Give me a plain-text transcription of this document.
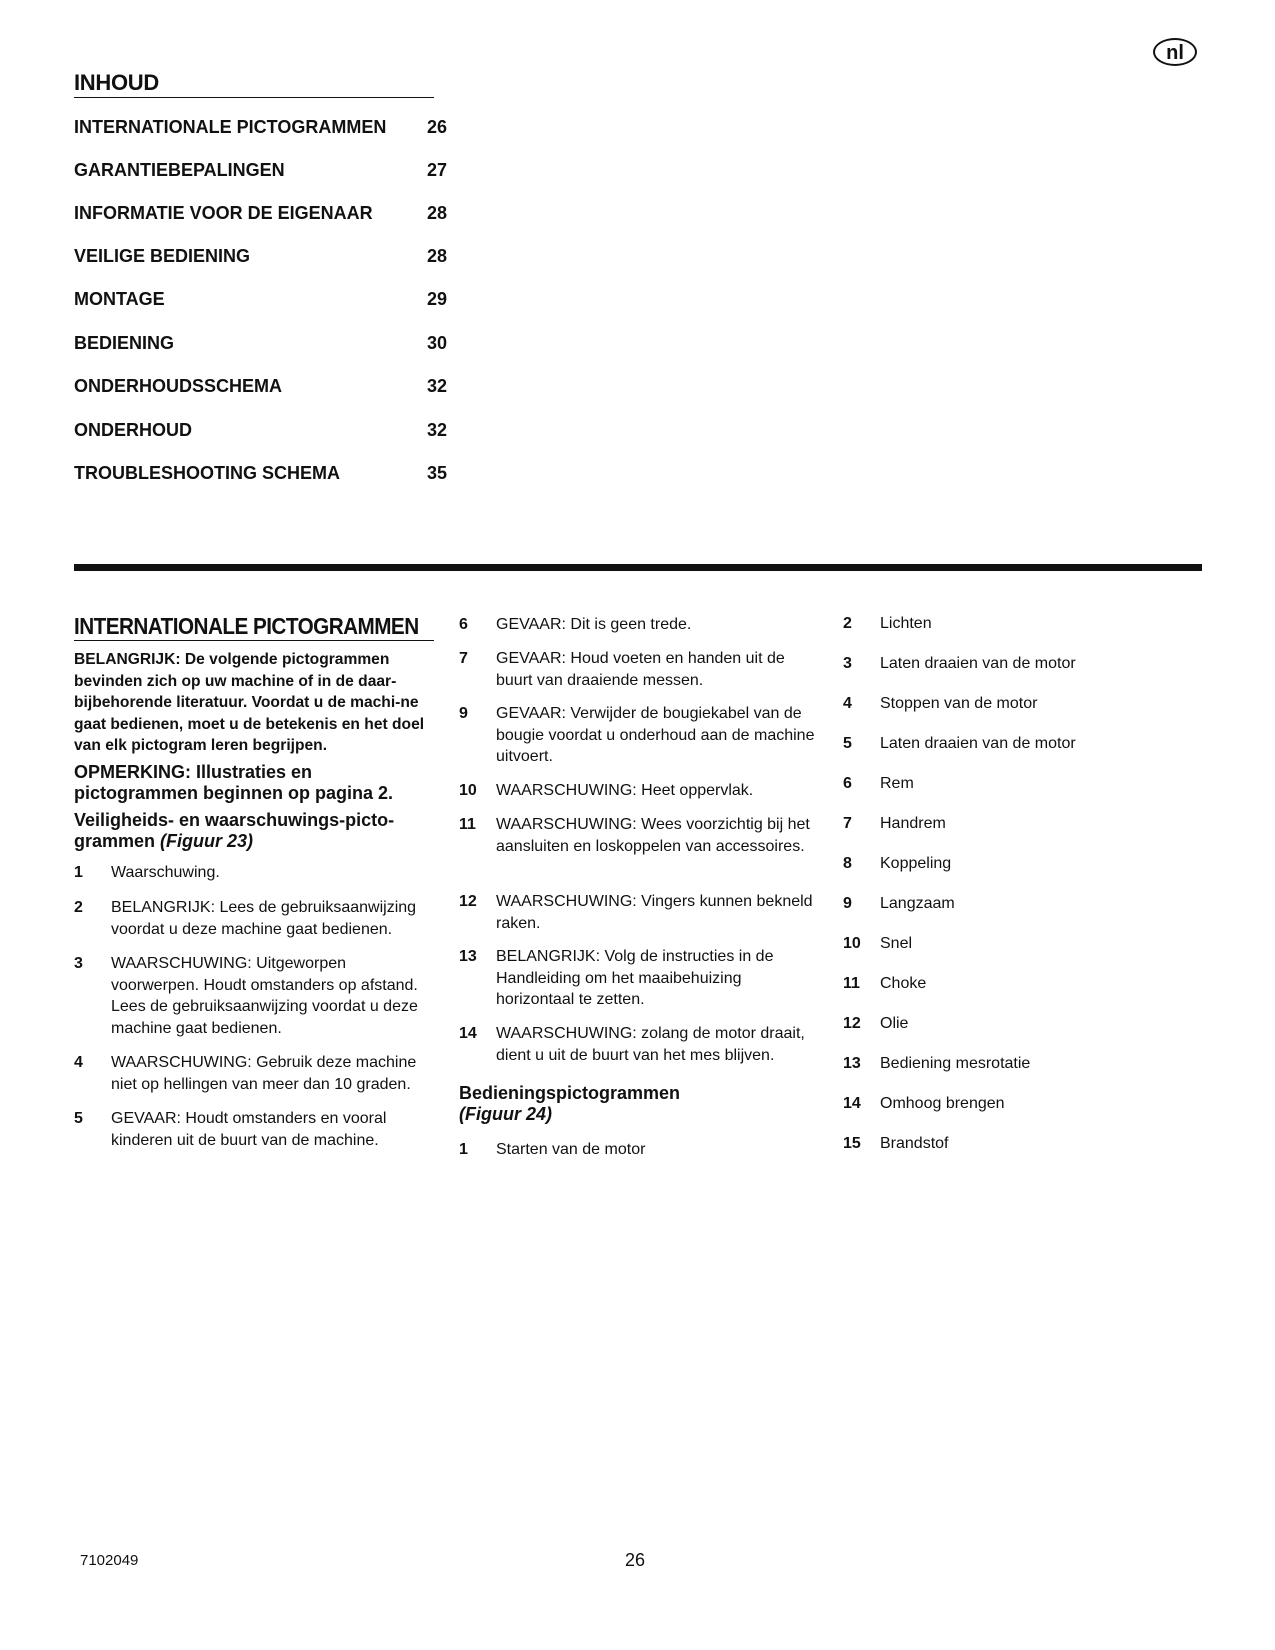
nl
INHOUD
INTERNATIONALE PICTOGRAMMEN 26
GARANTIEBEPALINGEN	27
INFORMATIE VOOR DE EIGENAAR	28
VEILIGE BEDIENING	28
MONTAGE	29
BEDIENING	30
ONDERHOUDSSCHEMA	32
ONDERHOUD	32
TROUBLESHOOTING SCHEMA	35
INTERNATIONALE PICTOGRAMMEN
BELANGRIJK: De volgende pictogrammen bevinden zich op uw machine of in de daar-bijbehorende literatuur. Voordat u de machi-ne gaat bedienen, moet u de betekenis en het doel van elk pictogram leren begrijpen.
OPMERKING: Illustraties en pictogrammen beginnen op pagina 2.
Veiligheids- en waarschuwings-picto-grammen (Figuur 23)
1 Waarschuwing.
2 BELANGRIJK: Lees de gebruiksaanwijzing voordat u deze machine gaat bedienen.
3 WAARSCHUWING: Uitgeworpen voorwerpen. Houdt omstanders op afstand. Lees de gebruiksaanwijzing voordat u deze machine gaat bedienen.
4 WAARSCHUWING: Gebruik deze machine niet op hellingen van meer dan 10 graden.
5 GEVAAR: Houdt omstanders en vooral kinderen uit de buurt van de machine.
6 GEVAAR: Dit is geen trede.
7 GEVAAR: Houd voeten en handen uit de buurt van draaiende messen.
9 GEVAAR: Verwijder de bougiekabel van de bougie voordat u onderhoud aan de machine uitvoert.
10 WAARSCHUWING: Heet oppervlak.
11 WAARSCHUWING: Wees voorzichtig bij het aansluiten en loskoppelen van accessoires.
12 WAARSCHUWING: Vingers kunnen bekneld raken.
13 BELANGRIJK: Volg de instructies in de Handleiding om het maaibehuizing horizontaal te zetten.
14 WAARSCHUWING: zolang de motor draait, dient u uit de buurt van het mes blijven.
Bedieningspictogrammen
(Figuur 24)
1 Starten van de motor
2 Lichten
3 Laten draaien van de motor
4 Stoppen van de motor
5 Laten draaien van de motor
6 Rem
7 Handrem
8 Koppeling
9 Langzaam
10 Snel
11 Choke
12 Olie
13 Bediening mesrotatie
14 Omhoog brengen
15 Brandstof
7102049	26
